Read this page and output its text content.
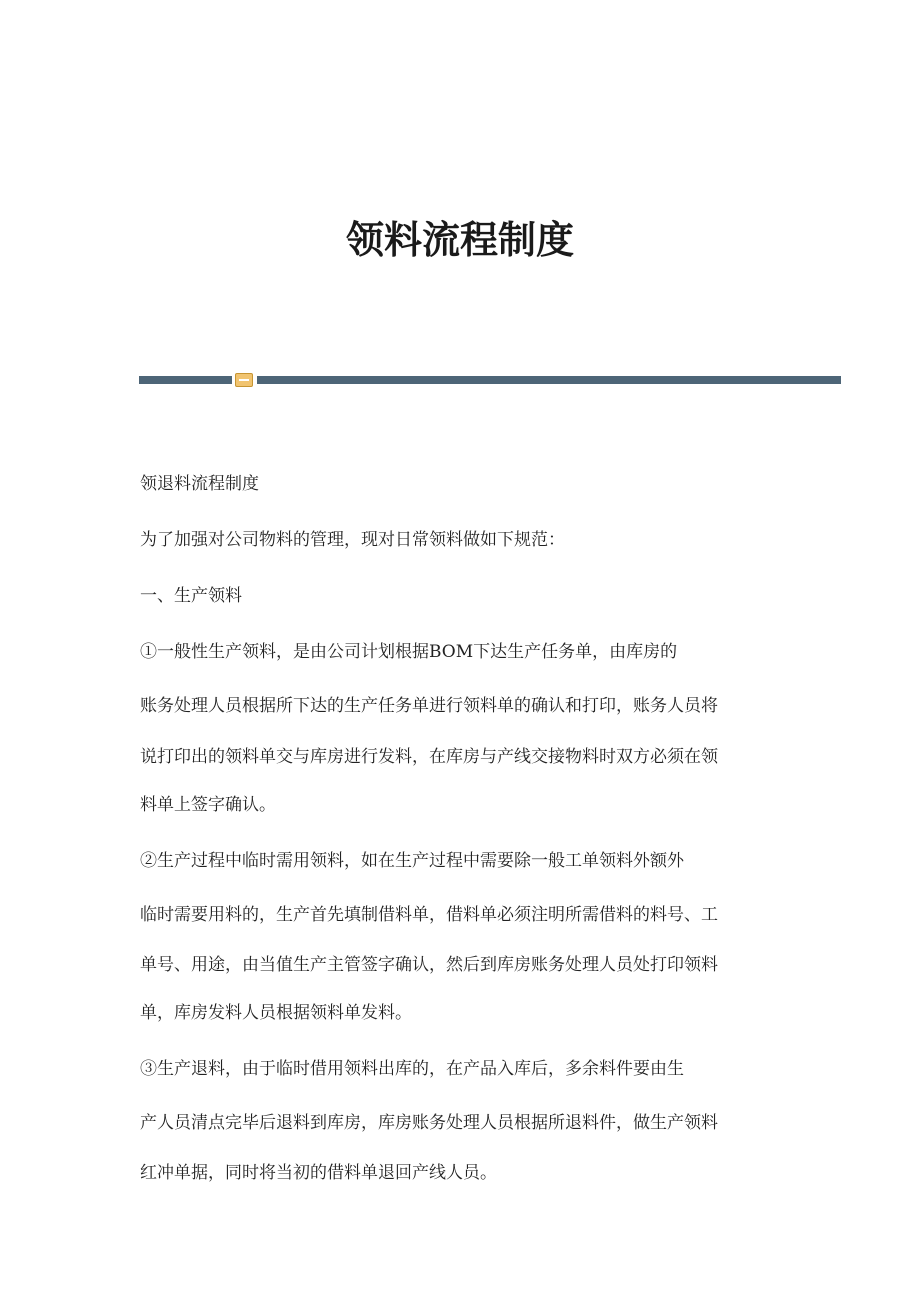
领料流程制度
领退料流程制度
为了加强对公司物料的管理，现对日常领料做如下规范：
一、生产领料
①一般性生产领料，是由公司计划根据BOM下达生产任务单，由库房的
账务处理人员根据所下达的生产任务单进行领料单的确认和打印，账务人员将
说打印出的领料单交与库房进行发料，在库房与产线交接物料时双方必须在领
料单上签字确认。
②生产过程中临时需用领料，如在生产过程中需要除一般工单领料外额外
临时需要用料的，生产首先填制借料单，借料单必须注明所需借料的料号、工
单号、用途，由当值生产主管签字确认，然后到库房账务处理人员处打印领料
单，库房发料人员根据领料单发料。
③生产退料，由于临时借用领料出库的，在产品入库后，多余料件要由生
产人员清点完毕后退料到库房，库房账务处理人员根据所退料件，做生产领料
红冲单据，同时将当初的借料单退回产线人员。
